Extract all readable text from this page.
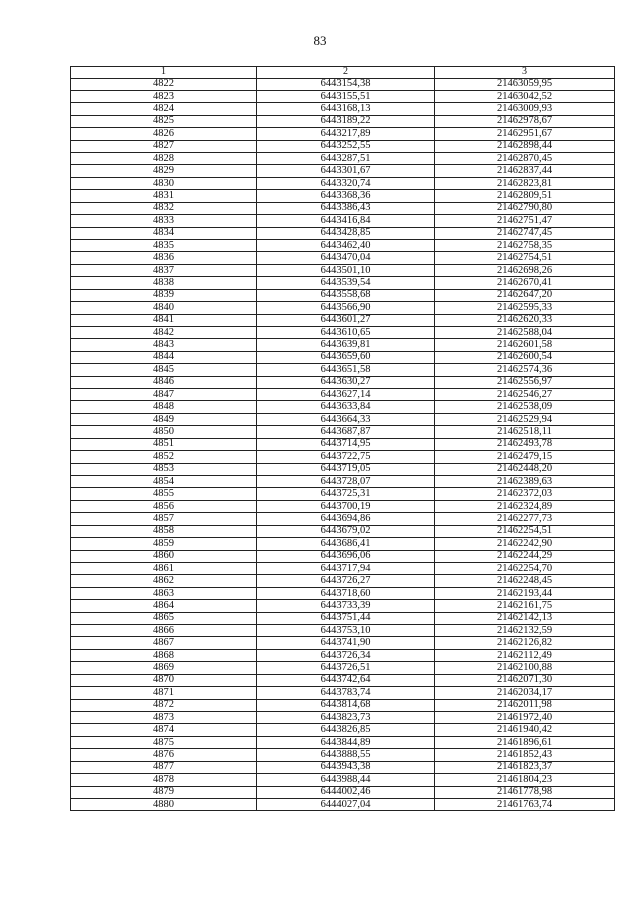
83
1	2	3
4822	6443154,38	21463059,95
4823	6443155,51	21463042,52
4824	6443168,13	21463009,93
4825	6443189,22	21462978,67
4826	6443217,89	21462951,67
4827	6443252,55	21462898,44
4828	6443287,51	21462870,45
4829	6443301,67	21462837,44
4830	6443320,74	21462823,81
4831	6443368,36	21462809,51
4832	6443386,43	21462790,80
4833	6443416,84	21462751,47
4834	6443428,85	21462747,45
4835	6443462,40	21462758,35
4836	6443470,04	21462754,51
4837	6443501,10	21462698,26
4838	6443539,54	21462670,41
4839	6443558,68	21462647,20
4840	6443566,90	21462595,33
4841	6443601,27	21462620,33
4842	6443610,65	21462588,04
4843	6443639,81	21462601,58
4844	6443659,60	21462600,54
4845	6443651,58	21462574,36
4846	6443630,27	21462556,97
4847	6443627,14	21462546,27
4848	6443633,84	21462538,09
4849	6443664,33	21462529,94
4850	6443687,87	21462518,11
4851	6443714,95	21462493,78
4852	6443722,75	21462479,15
4853	6443719,05	21462448,20
4854	6443728,07	21462389,63
4855	6443725,31	21462372,03
4856	6443700,19	21462324,89
4857	6443694,86	21462277,73
4858	6443679,02	21462254,51
4859	6443686,41	21462242,90
4860	6443696,06	21462244,29
4861	6443717,94	21462254,70
4862	6443726,27	21462248,45
4863	6443718,60	21462193,44
4864	6443733,39	21462161,75
4865	6443751,44	21462142,13
4866	6443753,10	21462132,59
4867	6443741,90	21462126,82
4868	6443726,34	21462112,49
4869	6443726,51	21462100,88
4870	6443742,64	21462071,30
4871	6443783,74	21462034,17
4872	6443814,68	21462011,98
4873	6443823,73	21461972,40
4874	6443826,85	21461940,42
4875	6443844,89	21461896,61
4876	6443888,55	21461852,43
4877	6443943,38	21461823,37
4878	6443988,44	21461804,23
4879	6444002,46	21461778,98
4880	6444027,04	21461763,74
